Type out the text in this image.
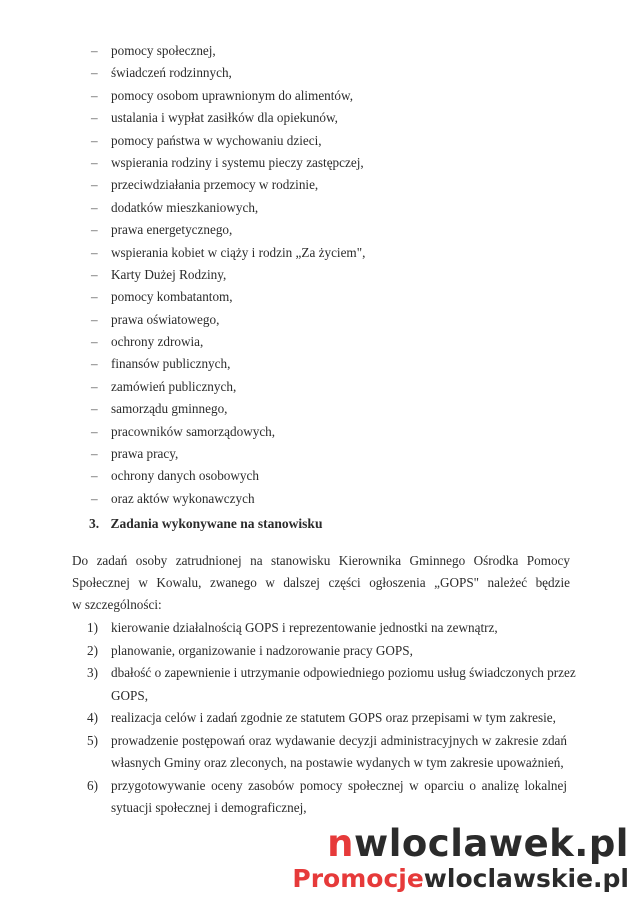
– pomocy społecznej,
– świadczeń rodzinnych,
– pomocy osobom uprawnionym do alimentów,
– ustalania i wypłat zasiłków dla opiekunów,
– pomocy państwa w wychowaniu dzieci,
– wspierania rodziny i systemu pieczy zastępczej,
– przeciwdziałania przemocy w rodzinie,
– dodatków mieszkaniowych,
– prawa energetycznego,
– wspierania kobiet w ciąży i rodzin „Za życiem",
– Karty Dużej Rodziny,
– pomocy kombatantom,
– prawa oświatowego,
– ochrony zdrowia,
– finansów publicznych,
– zamówień publicznych,
– samorządu gminnego,
– pracowników samorządowych,
– prawa pracy,
– ochrony danych osobowych
– oraz aktów wykonawczych
3. Zadania wykonywane na stanowisku
Do zadań osoby zatrudnionej na stanowisku Kierownika Gminnego Ośrodka Pomocy
Społecznej w Kowalu, zwanego w dalszej części ogłoszenia „GOPS" należeć będzie
w szczególności:
1) kierowanie działalnością GOPS i reprezentowanie jednostki na zewnątrz,
2) planowanie, organizowanie i nadzorowanie pracy GOPS,
3) dbałość o zapewnienie i utrzymanie odpowiedniego poziomu usług świadczonych przez
GOPS,
4) realizacja celów i zadań zgodnie ze statutem GOPS oraz przepisami w tym zakresie,
5) prowadzenie postępowań oraz wydawanie decyzji administracyjnych w zakresie zdań
własnych Gminy oraz zleconych, na postawie wydanych w tym zakresie upoważnień,
6) przygotowywanie oceny zasobów pomocy społecznej w oparciu o analizę lokalnej
sytuacji społecznej i demograficznej,
nwloclawek.pl
Promocjewloclawskie.pl
